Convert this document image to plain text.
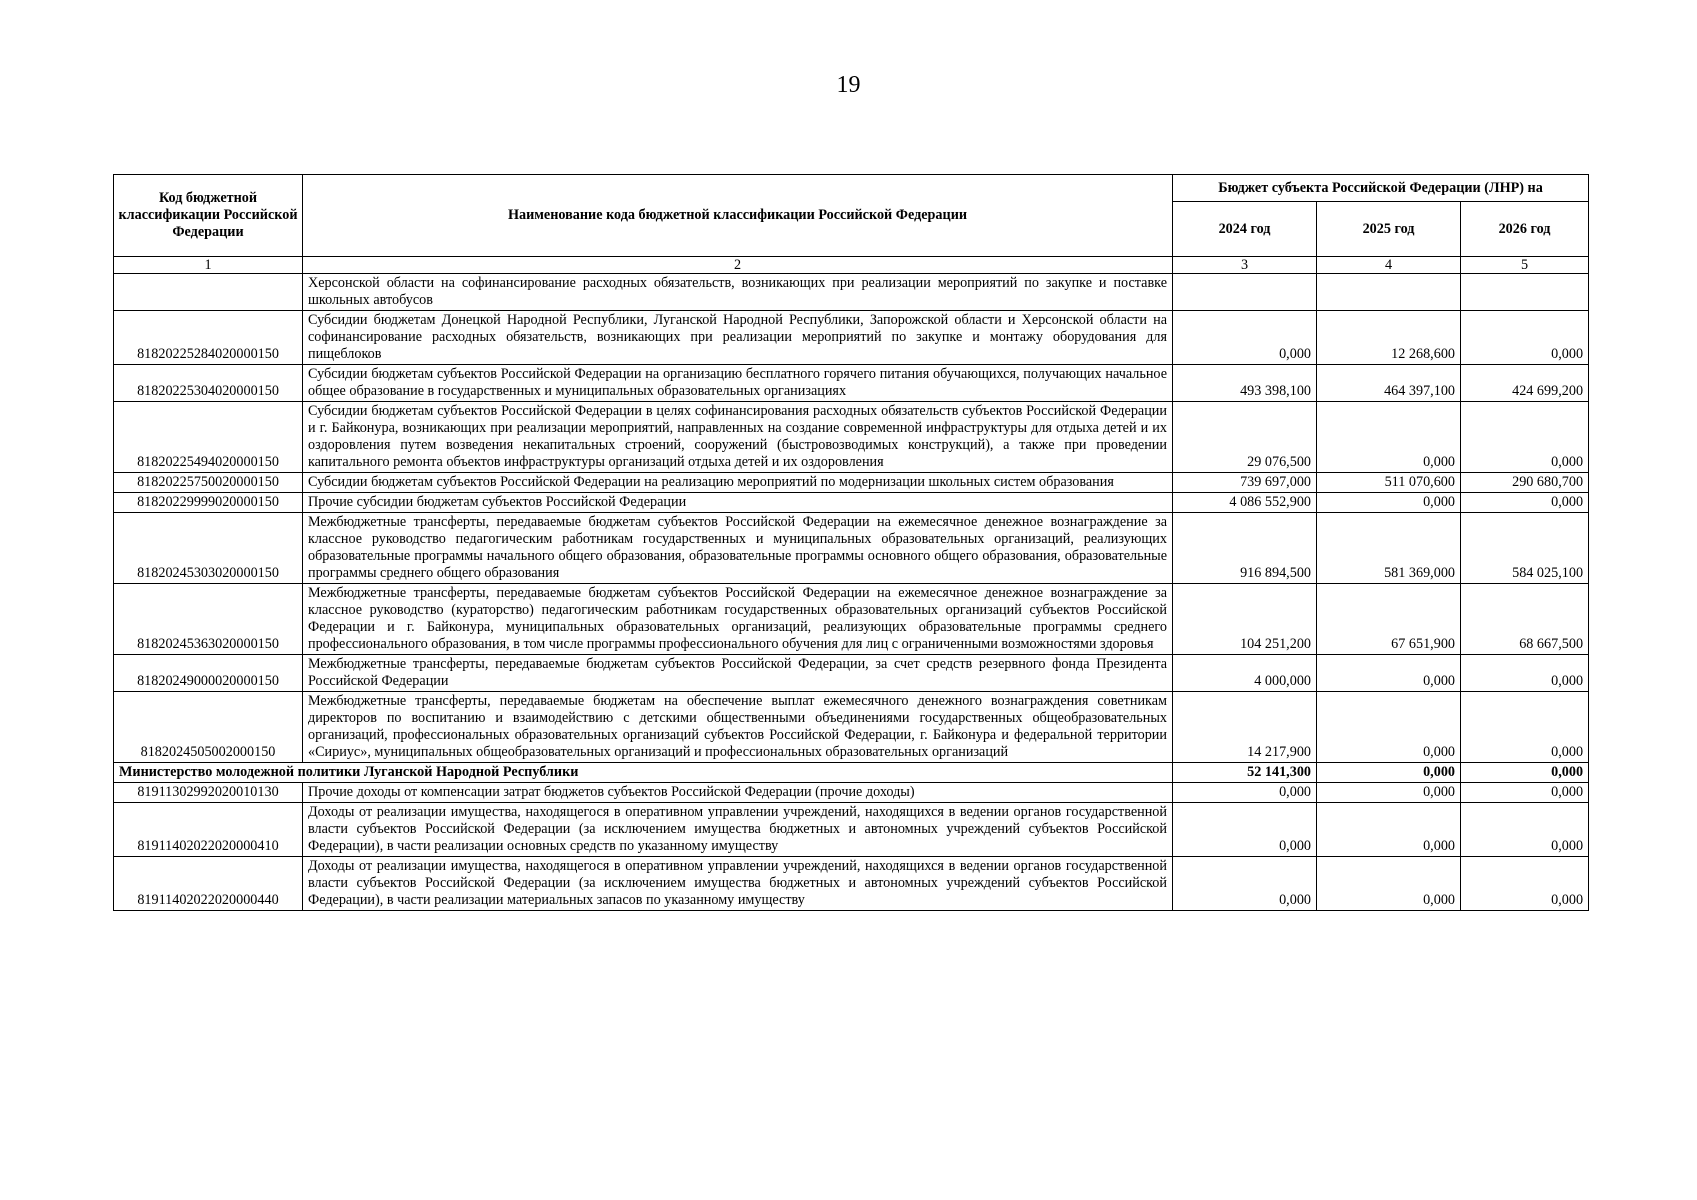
19
Код бюджетной классификации Российской Федерации	Наименование кода бюджетной классификации Российской Федерации	Бюджет субъекта Российской Федерации (ЛНР) на		
		2024 год	2025 год	2026 год
1	2	3	4	5
	Херсонской области на софинансирование расходных обязательств, возникающих при реализации мероприятий по закупке и поставке школьных автобусов			
81820225284020000150	Субсидии бюджетам Донецкой Народной Республики, Луганской Народной Республики, Запорожской области и Херсонской области на софинансирование расходных обязательств, возникающих при реализации мероприятий по закупке и монтажу оборудования для пищеблоков	0,000	12 268,600	0,000
81820225304020000150	Субсидии бюджетам субъектов Российской Федерации на организацию бесплатного горячего питания обучающихся, получающих начальное общее образование в государственных и муниципальных образовательных организациях	493 398,100	464 397,100	424 699,200
81820225494020000150	Субсидии бюджетам субъектов Российской Федерации в целях софинансирования расходных обязательств субъектов Российской Федерации и г. Байконура, возникающих при реализации мероприятий, направленных на создание современной инфраструктуры для отдыха детей и их оздоровления путем возведения некапитальных строений, сооружений (быстровозводимых конструкций), а также при проведении капитального ремонта объектов инфраструктуры организаций отдыха детей и их оздоровления	29 076,500	0,000	0,000
81820225750020000150	Субсидии бюджетам субъектов Российской Федерации на реализацию мероприятий по модернизации школьных систем образования	739 697,000	511 070,600	290 680,700
81820229999020000150	Прочие субсидии бюджетам субъектов Российской Федерации	4 086 552,900	0,000	0,000
81820245303020000150	Межбюджетные трансферты, передаваемые бюджетам субъектов Российской Федерации на ежемесячное денежное вознаграждение за классное руководство педагогическим работникам государственных и муниципальных образовательных организаций, реализующих образовательные программы начального общего образования, образовательные программы основного общего образования, образовательные программы среднего общего образования	916 894,500	581 369,000	584 025,100
81820245363020000150	Межбюджетные трансферты, передаваемые бюджетам субъектов Российской Федерации на ежемесячное денежное вознаграждение за классное руководство (кураторство) педагогическим работникам государственных образовательных организаций субъектов Российской Федерации и г. Байконура, муниципальных образовательных организаций, реализующих образовательные программы среднего профессионального образования, в том числе программы профессионального обучения для лиц с ограниченными возможностями здоровья	104 251,200	67 651,900	68 667,500
81820249000020000150	Межбюджетные трансферты, передаваемые бюджетам субъектов Российской Федерации, за счет средств резервного фонда Президента Российской Федерации	4 000,000	0,000	0,000
8182024505002000150	Межбюджетные трансферты, передаваемые бюджетам на обеспечение выплат ежемесячного денежного вознаграждения советникам директоров по воспитанию и взаимодействию с детскими общественными объединениями государственных общеобразовательных организаций, профессиональных образовательных организаций субъектов Российской Федерации, г. Байконура и федеральной территории «Сириус», муниципальных общеобразовательных организаций и профессиональных образовательных организаций	14 217,900	0,000	0,000
Министерство молодежной политики Луганской Народной Республики		52 141,300	0,000	0,000
81911302992020010130	Прочие доходы от компенсации затрат бюджетов субъектов Российской Федерации (прочие доходы)	0,000	0,000	0,000
81911402022020000410	Доходы от реализации имущества, находящегося в оперативном управлении учреждений, находящихся в ведении органов государственной власти субъектов Российской Федерации (за исключением имущества бюджетных и автономных учреждений субъектов Российской Федерации), в части реализации основных средств по указанному имуществу	0,000	0,000	0,000
81911402022020000440	Доходы от реализации имущества, находящегося в оперативном управлении учреждений, находящихся в ведении органов государственной власти субъектов Российской Федерации (за исключением имущества бюджетных и автономных учреждений субъектов Российской Федерации), в части реализации материальных запасов по указанному имуществу	0,000	0,000	0,000
